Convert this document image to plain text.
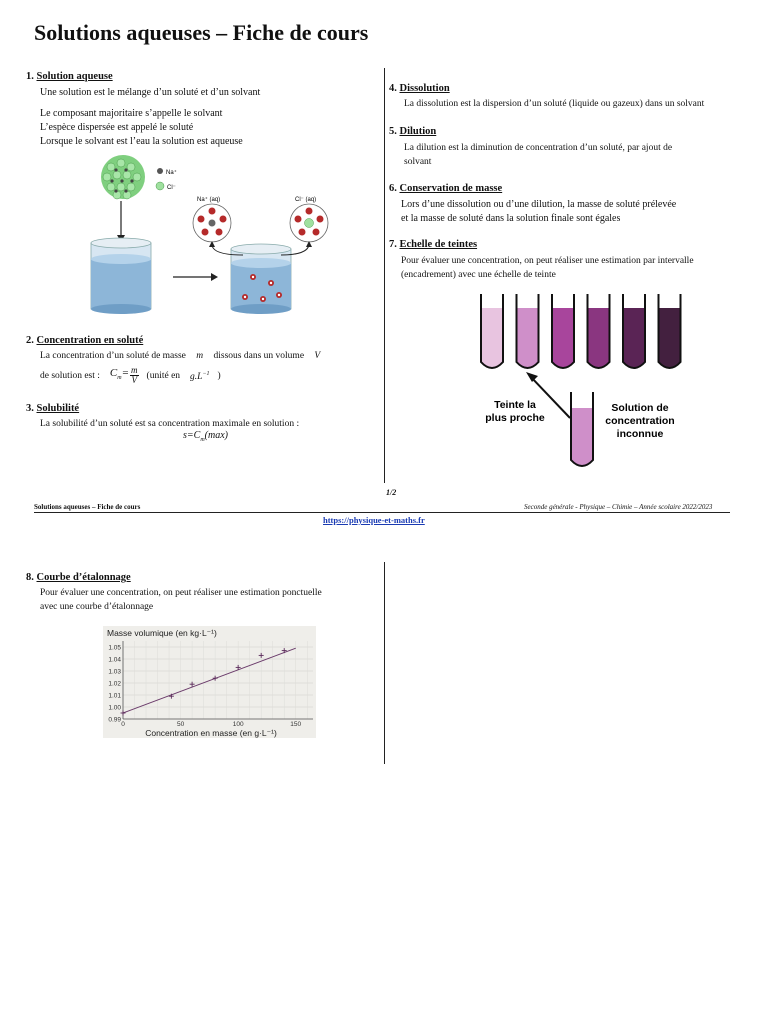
Solutions aqueuses – Fiche de cours
1. Solution aqueuse
Une solution est le mélange d’un soluté et d’un solvant
Le composant majoritaire s’appelle le solvant
L’espèce dispersée est appelé le soluté
Lorsque le solvant est l’eau la solution est aqueuse
Na⁺
Cl⁻
Na⁺ (aq)	Cl⁻ (aq)
2. Concentration en soluté
La concentration d’un soluté de masse m dissous dans un volume V
de solution est : $C_m= \frac{m}{V}$ (unité en $g.L^{-1}$ )
3. Solubilité
La solubilité d’un soluté est sa concentration maximale en solution :
$s=C_m(\max)$
4. Dissolution
La dissolution est la dispersion d’un soluté (liquide ou gazeux) dans un solvant
5. Dilution
La dilution est la diminution de concentration d’un soluté, par ajout de
solvant
6. Conservation de masse
Lors d’une dissolution ou d’une dilution, la masse de soluté prélevée
et la masse de soluté dans la solution finale sont égales
7. Echelle de teintes
Pour évaluer une concentration, on peut réaliser une estimation par intervalle
(encadrement) avec une échelle de teinte
Teinte la
plus proche
Solution de
concentration
inconnue
1/2
Solutions aqueuses – Fiche de cours	Seconde générale - Physique – Chimie – Année scolaire 2022/2023
https://physique-et-maths.fr
8. Courbe d’étalonnage
Pour évaluer une concentration, on peut réaliser une estimation ponctuelle
avec une courbe d’étalonnage
Masse volumique (en kg·L⁻¹)
0.99
1.00
1.01
1.02
1.03
1.04
1.05
0	50	100	150
Concentration en masse (en g·L⁻¹)
